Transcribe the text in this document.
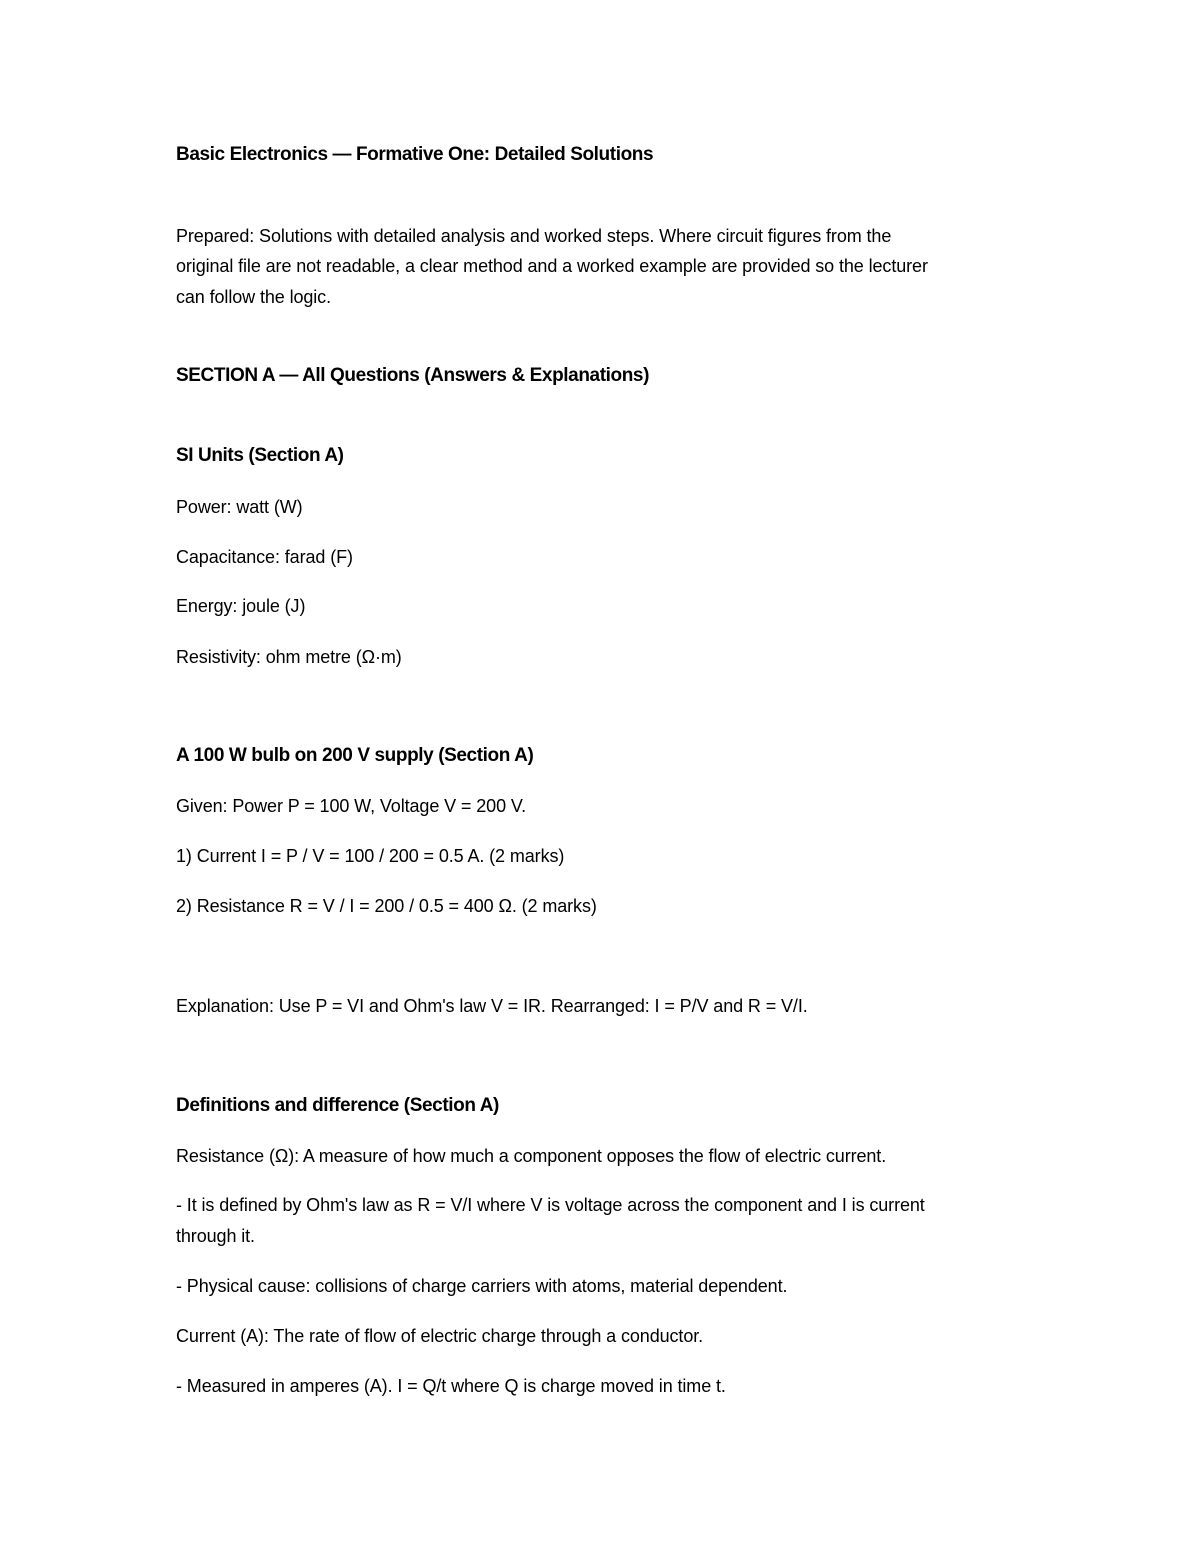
Basic Electronics — Formative One: Detailed Solutions

Prepared: Solutions with detailed analysis and worked steps. Where circuit figures from the

original file are not readable, a clear method and a worked example are provided so the lecturer

can follow the logic.

SECTION A — All Questions (Answers & Explanations)

SI Units (Section A)

Power: watt (W)

Capacitance: farad (F)

Energy: joule (J)

Resistivity: ohm metre (Ω·m)

A 100 W bulb on 200 V supply (Section A)

Given: Power P = 100 W, Voltage V = 200 V.

1) Current I = P / V = 100 / 200 = 0.5 A. (2 marks)

2) Resistance R = V / I = 200 / 0.5 = 400 Ω. (2 marks)

Explanation: Use P = VI and Ohm's law V = IR. Rearranged: I = P/V and R = V/I.

Definitions and difference (Section A)

Resistance (Ω): A measure of how much a component opposes the flow of electric current.

- It is defined by Ohm's law as R = V/I where V is voltage across the component and I is current

through it.

- Physical cause: collisions of charge carriers with atoms, material dependent.

Current (A): The rate of flow of electric charge through a conductor.

- Measured in amperes (A). I = Q/t where Q is charge moved in time t.
